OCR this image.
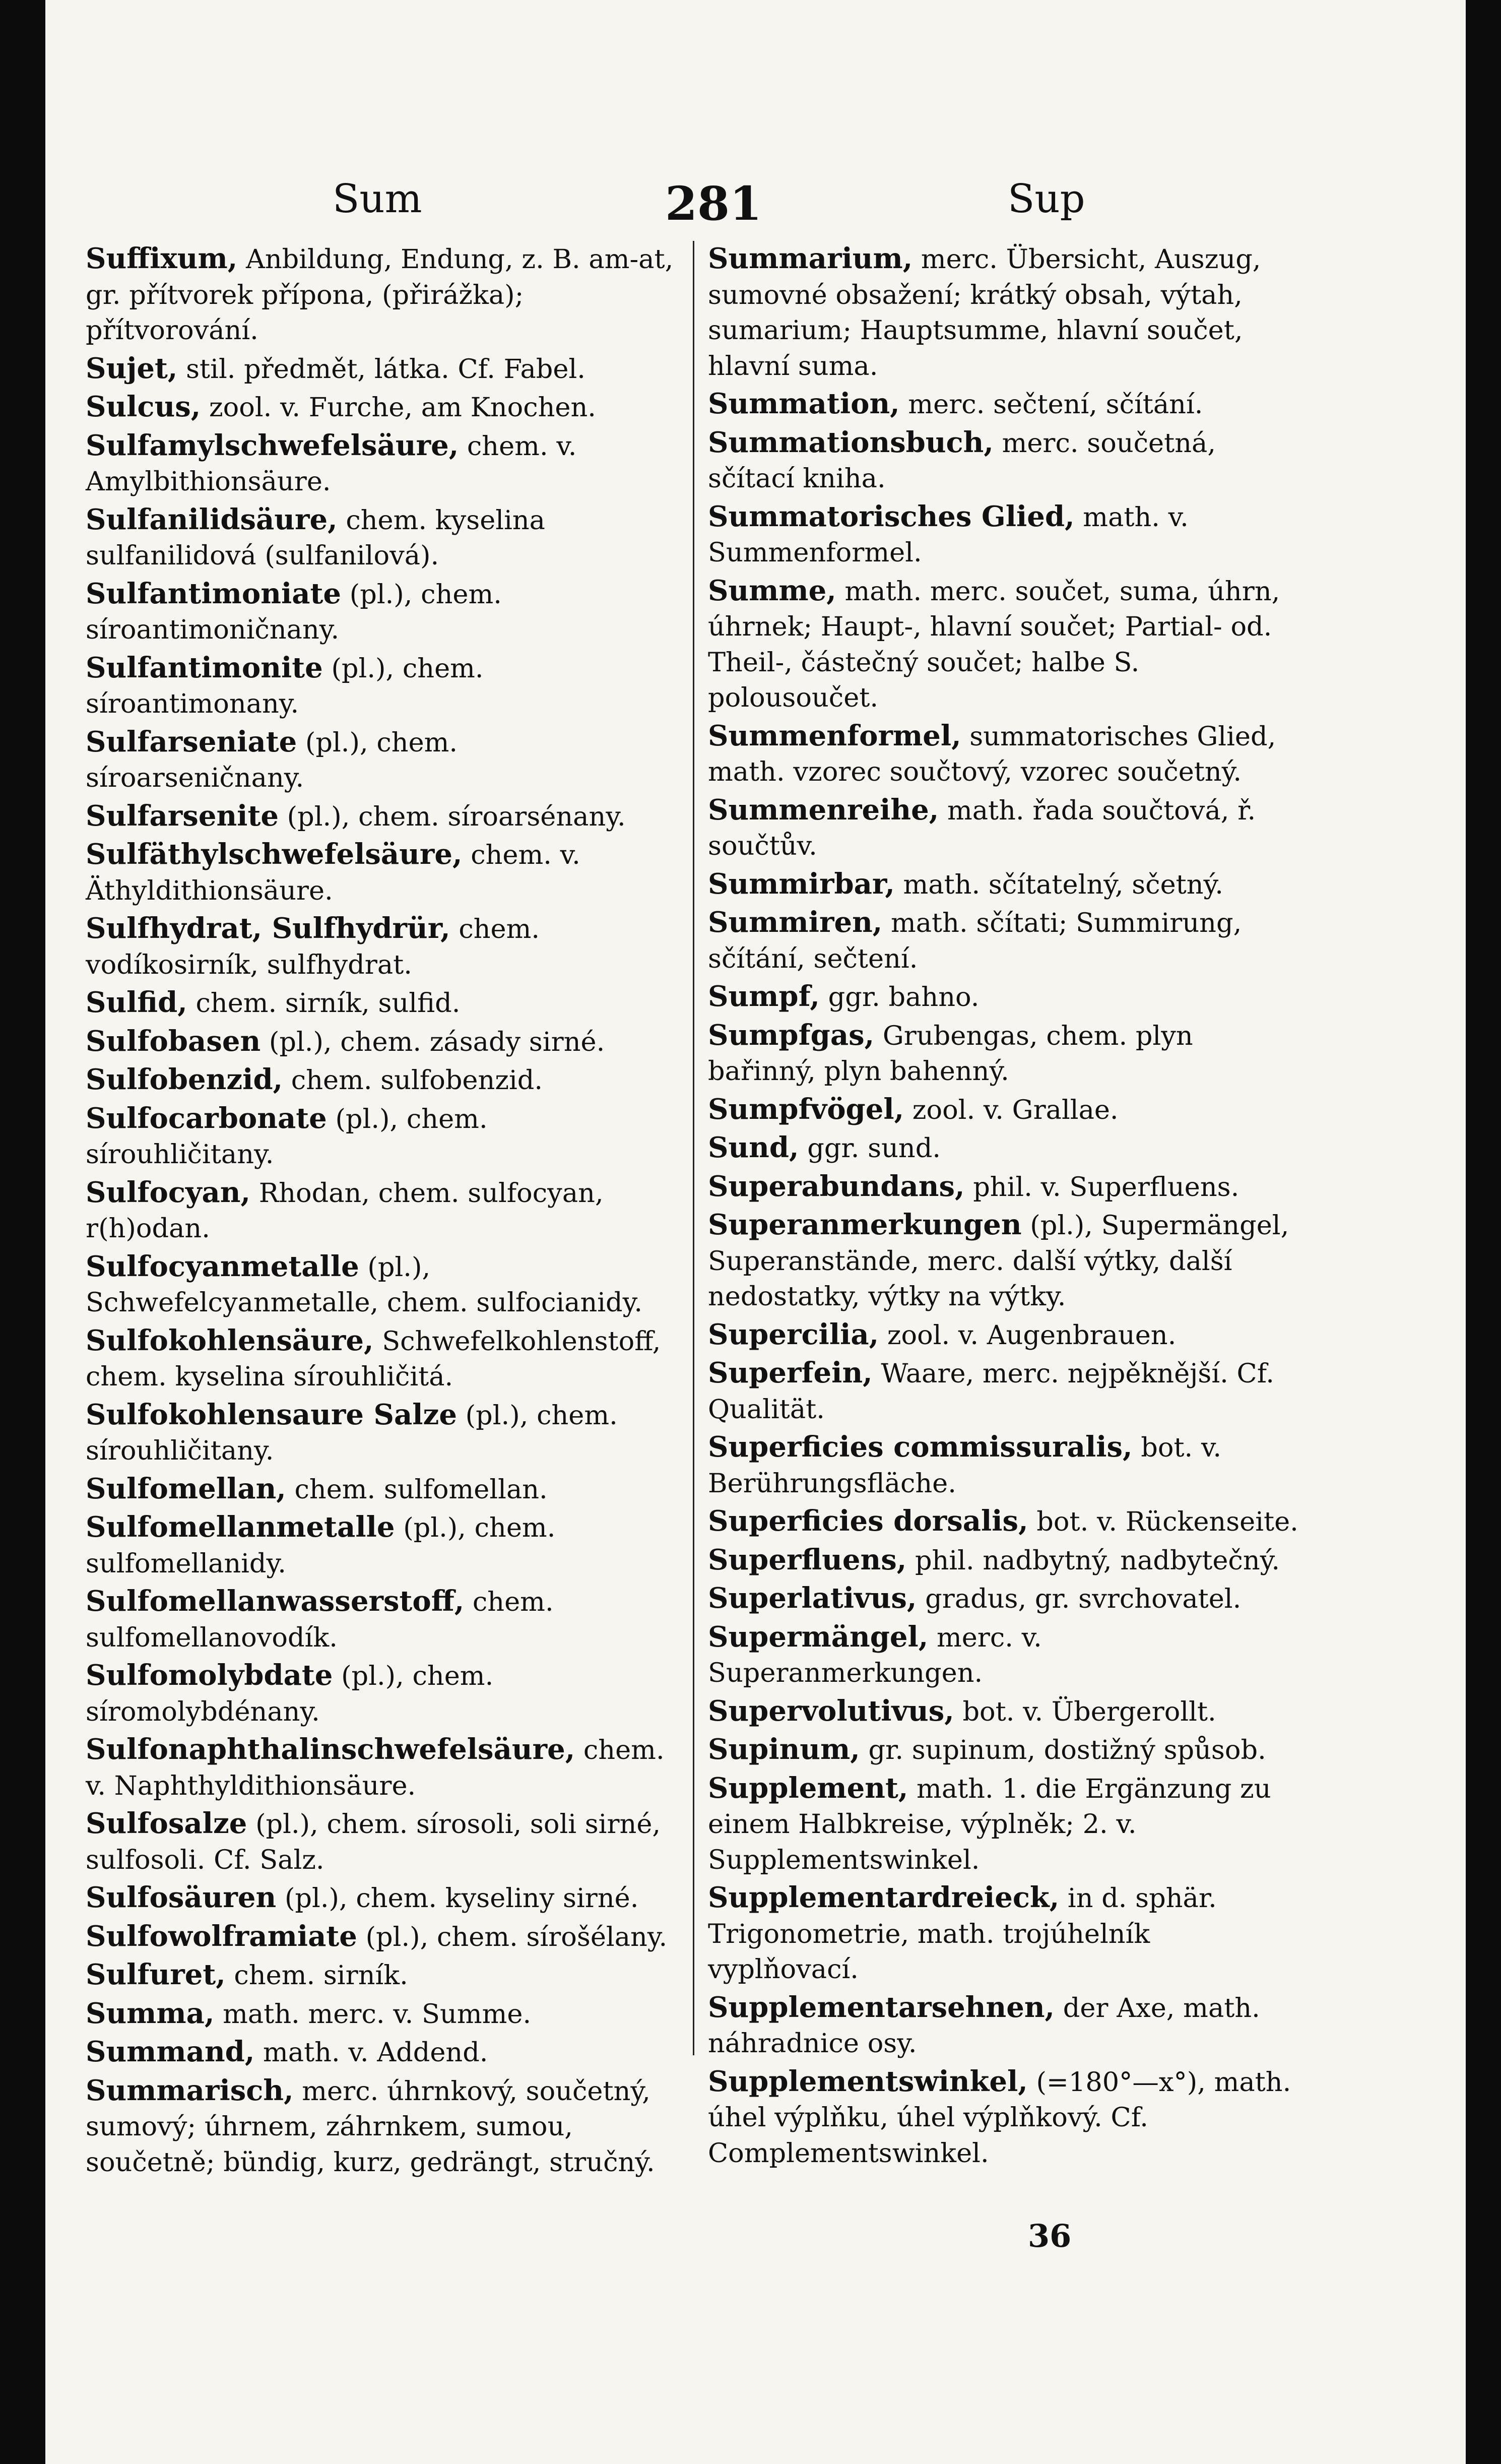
Sum	281	Sup
Suffixum, Anbildung, Endung, z. B. am-at, gr. přítvorek přípona, (přirážka); přítvorování.
Sujet, stil. předmět, látka. Cf. Fabel.
Sulcus, zool. v. Furche, am Knochen.
Sulfamylschwefelsäure, chem. v. Amylbithionsäure.
Sulfanilidsäure, chem. kyselina sulfanilidová (sulfanilová).
Sulfantimoniate (pl.), chem. síroantimoničnany.
Sulfantimonite (pl.), chem. síroantimonany.
Sulfarseniate (pl.), chem. síroarseničnany.
Sulfarsenite (pl.), chem. síroarsénany.
Sulfäthylschwefelsäure, chem. v. Äthyldithionsäure.
Sulfhydrat, Sulfhydrür, chem. vodíkosirník, sulfhydrat.
Sulfid, chem. sirník, sulfid.
Sulfobasen (pl.), chem. zásady sirné.
Sulfobenzid, chem. sulfobenzid.
Sulfocarbonate (pl.), chem. sírouhličitany.
Sulfocyan, Rhodan, chem. sulfocyan, r(h)odan.
Sulfocyanmetalle (pl.), Schwefelcyanmetalle, chem. sulfocianidy.
Sulfokohlensäure, Schwefelkohlenstoff, chem. kyselina sírouhličitá.
Sulfokohlensaure Salze (pl.), chem. sírouhličitany.
Sulfomellan, chem. sulfomellan.
Sulfomellanmetalle (pl.), chem. sulfomellanidy.
Sulfomellanwasserstoff, chem. sulfomellanovodík.
Sulfomolybdate (pl.), chem. síromolybdénany.
Sulfonaphthalinschwefelsäure, chem. v. Naphthyldithionsäure.
Sulfosalze (pl.), chem. sírosoli, soli sirné, sulfosoli. Cf. Salz.
Sulfosäuren (pl.), chem. kyseliny sirné.
Sulfowolframiate (pl.), chem. sírošélany.
Sulfuret, chem. sirník.
Summa, math. merc. v. Summe.
Summand, math. v. Addend.
Summarisch, merc. úhrnkový, součetný, sumový; úhrnem, záhrnkem, sumou, součetně; bündig, kurz, gedrängt, stručný.
Summarium, merc. Übersicht, Auszug, sumovné obsažení; krátký obsah, výtah, sumarium; Hauptsumme, hlavní součet, hlavní suma.
Summation, merc. sečtení, sčítání.
Summationsbuch, merc. součetná, sčítací kniha.
Summatorisches Glied, math. v. Summenformel.
Summe, math. merc. součet, suma, úhrn, úhrnek; Haupt-, hlavní součet; Partial- od. Theil-, částečný součet; halbe S. polousoučet.
Summenformel, summatorisches Glied, math. vzorec součtový, vzorec součetný.
Summenreihe, math. řada součtová, ř. součtův.
Summirbar, math. sčítatelný, sčetný.
Summiren, math. sčítati; Summirung, sčítání, sečtení.
Sumpf, ggr. bahno.
Sumpfgas, Grubengas, chem. plyn bařinný, plyn bahenný.
Sumpfvögel, zool. v. Grallae.
Sund, ggr. sund.
Superabundans, phil. v. Superfluens.
Superanmerkungen (pl.), Supermängel, Superanstände, merc. další výtky, další nedostatky, výtky na výtky.
Supercilia, zool. v. Augenbrauen.
Superfein, Waare, merc. nejpěknější. Cf. Qualität.
Superficies commissuralis, bot. v. Berührungsfläche.
Superficies dorsalis, bot. v. Rückenseite.
Superfluens, phil. nadbytný, nadbytečný.
Superlativus, gradus, gr. svrchovatel.
Supermängel, merc. v. Superanmerkungen.
Supervolutivus, bot. v. Übergerollt.
Supinum, gr. supinum, dostižný spůsob.
Supplement, math. 1. die Ergänzung zu einem Halbkreise, výplněk; 2. v. Supplementswinkel.
Supplementardreieck, in d. sphär. Trigonometrie, math. trojúhelník vyplňovací.
Supplementarsehnen, der Axe, math. náhradnice osy.
Supplementswinkel, (=180°—x°), math. úhel výplňku, úhel výplňkový. Cf. Complementswinkel.
36
